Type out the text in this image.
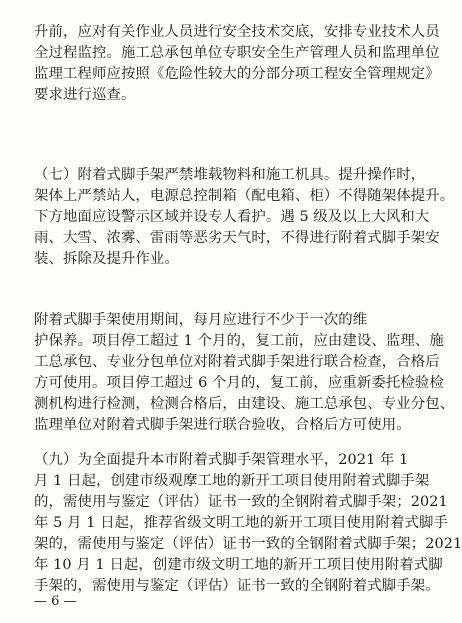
升前，应对有关作业人员进行安全技术交底，安排专业技术人员
全过程监控。施工总承包单位专职安全生产管理人员和监理单位
监理工程师应按照《危险性较大的分部分项工程安全管理规定》
要求进行巡查。
（七）附着式脚手架严禁堆载物料和施工机具。提升操作时，
架体上严禁站人，电源总控制箱（配电箱、柜）不得随架体提升。
下方地面应设警示区域并设专人看护。遇 5 级及以上大风和大
雨、大雪、浓雾、雷雨等恶劣天气时，不得进行附着式脚手架安
装、拆除及提升作业。
附着式脚手架使用期间，每月应进行不少于一次的维
护保养。项目停工超过 1 个月的，复工前，应由建设、监理、施
工总承包、专业分包单位对附着式脚手架进行联合检查，合格后
方可使用。项目停工超过 6 个月的，复工前，应重新委托检验检
测机构进行检测，检测合格后，由建设、施工总承包、专业分包、
监理单位对附着式脚手架进行联合验收，合格后方可使用。
（九）为全面提升本市附着式脚手架管理水平，2021 年 1
月 1 日起，创建市级观摩工地的新开工项目使用附着式脚手架
的，需使用与鉴定（评估）证书一致的全钢附着式脚手架；2021
年 5 月 1 日起，推荐省级文明工地的新开工项目使用附着式脚手
架的，需使用与鉴定（评估）证书一致的全钢附着式脚手架；2021
年 10 月 1 日起，创建市级文明工地的新开工项目使用附着式脚
手架的，需使用与鉴定（评估）证书一致的全钢附着式脚手架。
— 6 —
